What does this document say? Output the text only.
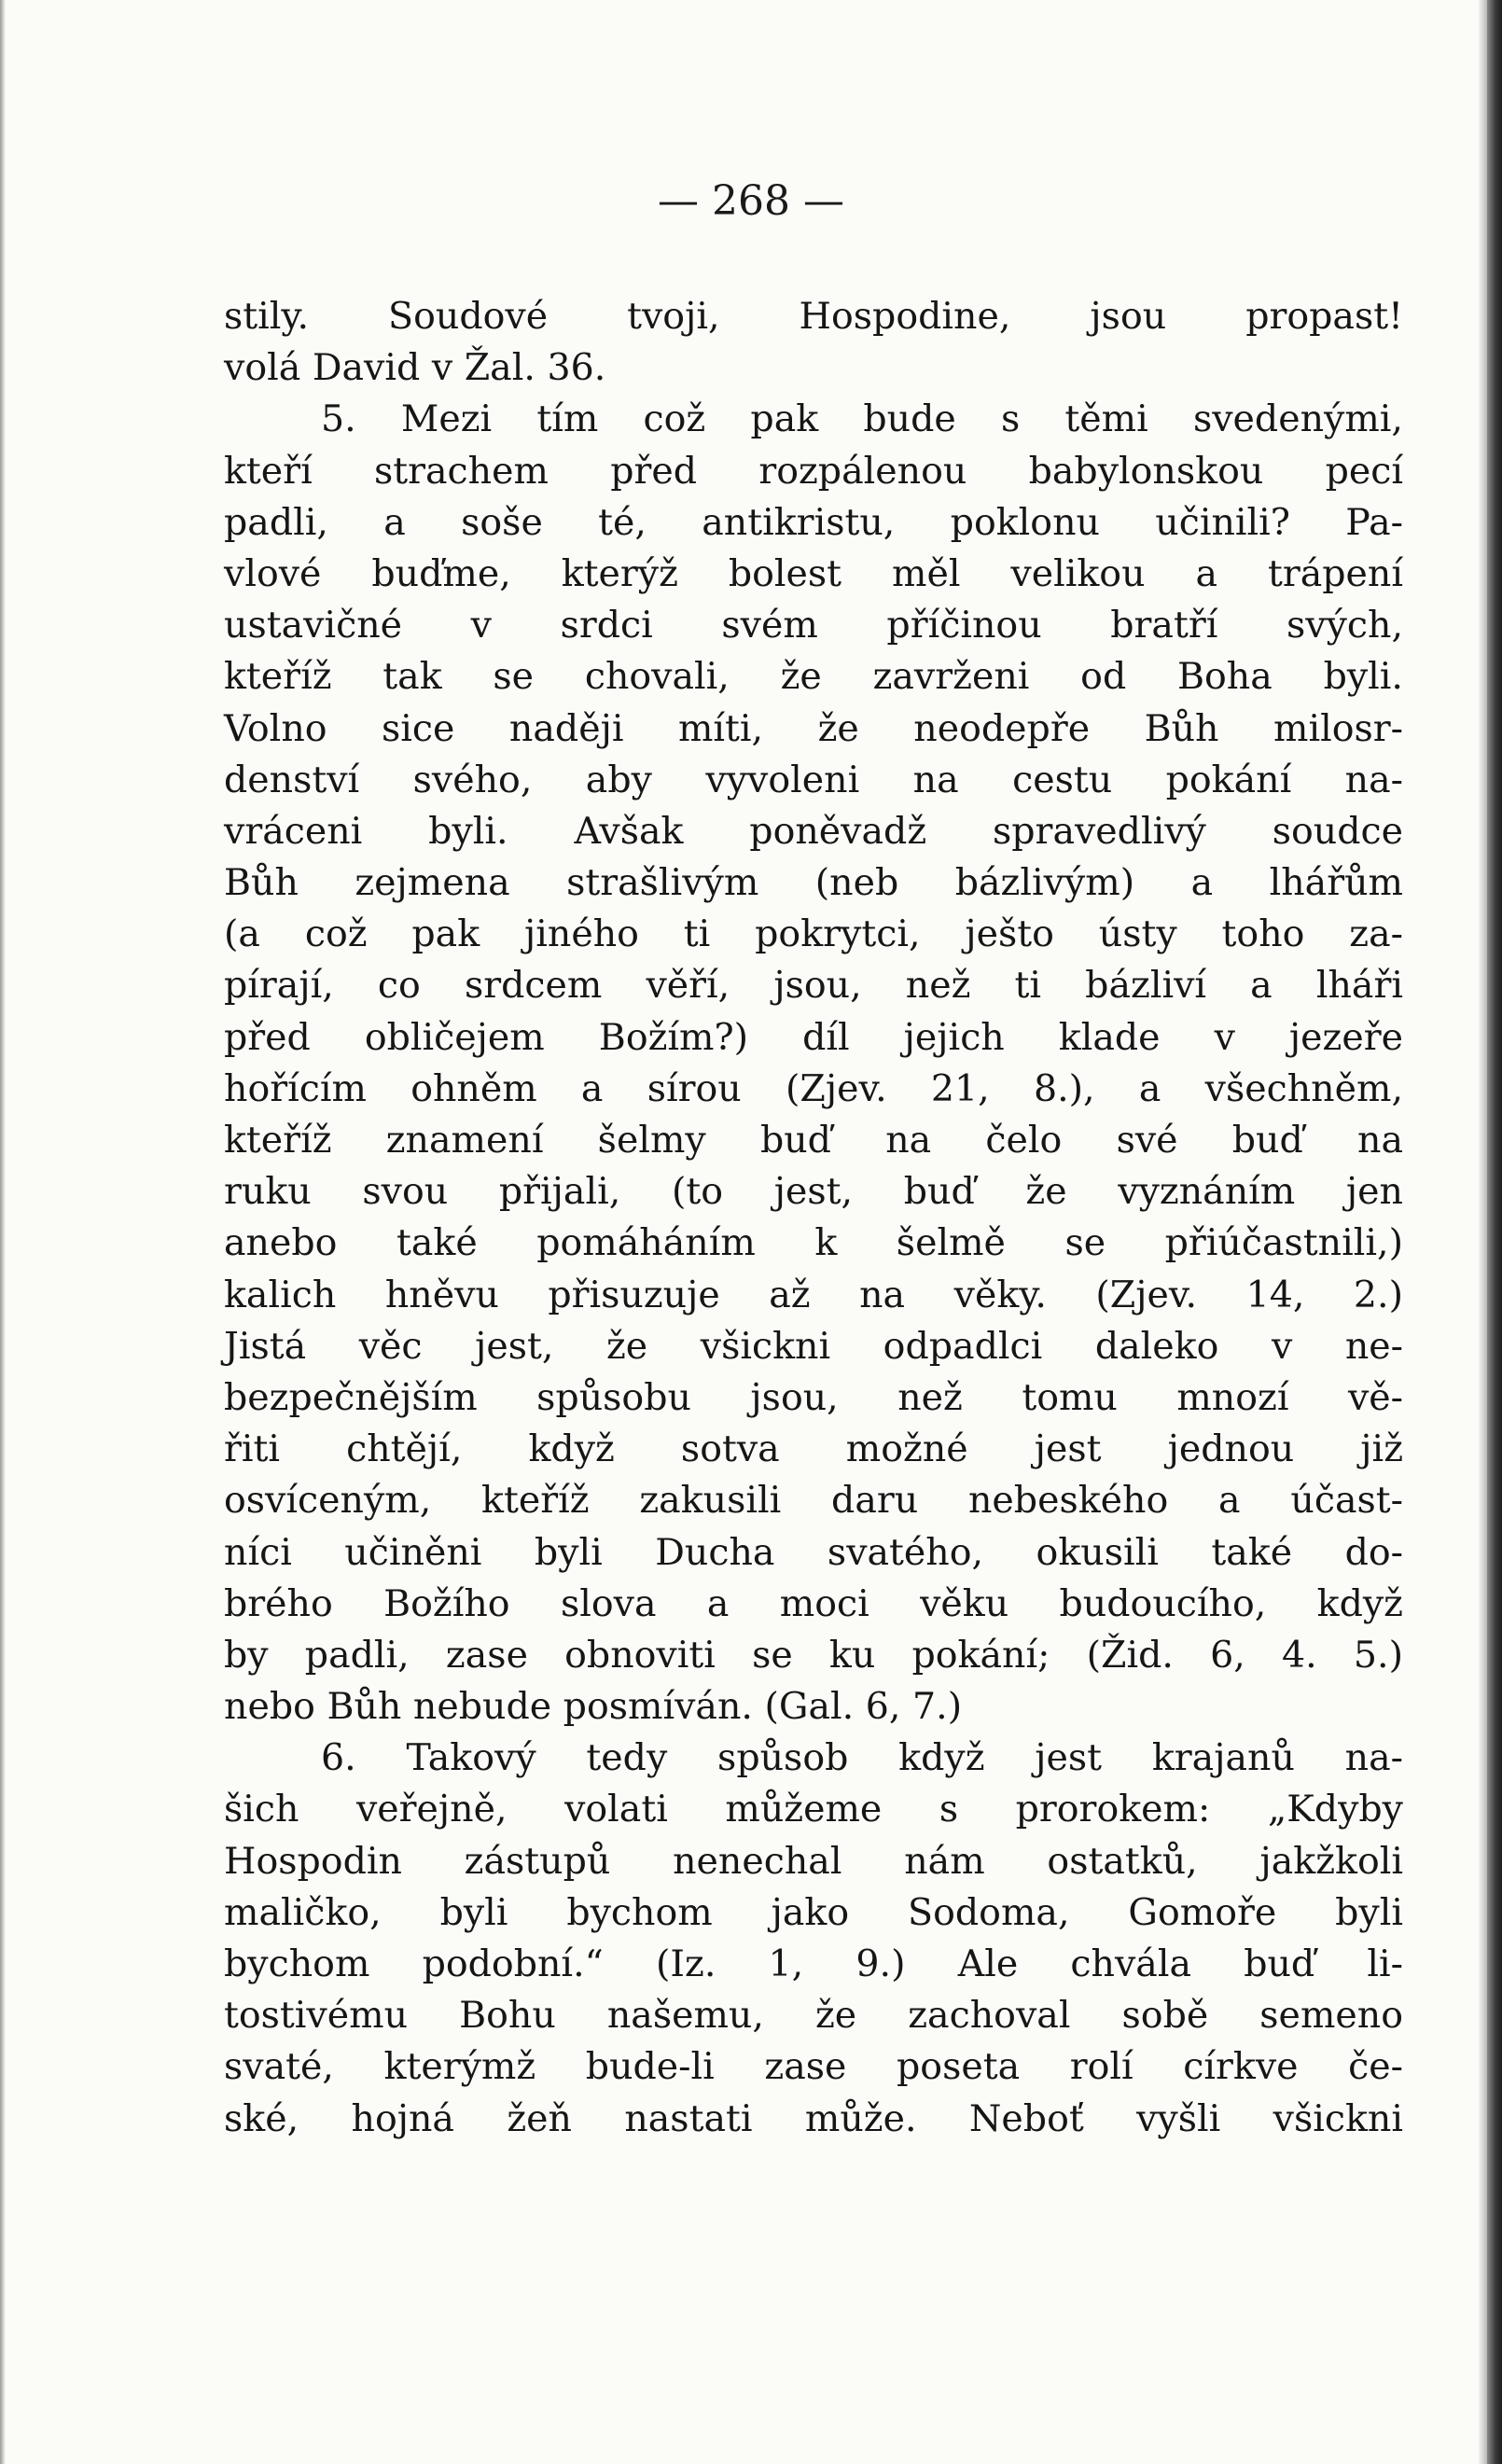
— 268 —

stily. Soudové tvoji, Hospodine, jsou propast!
volá David v Žal. 36.
5. Mezi tím což pak bude s těmi svedenými,
kteří strachem před rozpálenou babylonskou pecí
padli, a soše té, antikristu, poklonu učinili? Pa-
vlové buďme, kterýž bolest měl velikou a trápení
ustavičné v srdci svém příčinou bratří svých,
kteříž tak se chovali, že zavrženi od Boha byli.
Volno sice naději míti, že neodepře Bůh milosr-
denství svého, aby vyvoleni na cestu pokání na-
vráceni byli. Avšak poněvadž spravedlivý soudce
Bůh zejmena strašlivým (neb bázlivým) a lhářům
(a což pak jiného ti pokrytci, ješto ústy toho za-
pírají, co srdcem věří, jsou, než ti bázliví a lháři
před obličejem Božím?) díl jejich klade v jezeře
hořícím ohněm a sírou (Zjev. 21, 8.), a všechněm,
kteříž znamení šelmy buď na čelo své buď na
ruku svou přijali, (to jest, buď že vyznáním jen
anebo také pomáháním k šelmě se přiúčastnili,)
kalich hněvu přisuzuje až na věky. (Zjev. 14, 2.)
Jistá věc jest, že všickni odpadlci daleko v ne-
bezpečnějším spůsobu jsou, než tomu mnozí vě-
řiti chtějí, když sotva možné jest jednou již
osvíceným, kteříž zakusili daru nebeského a účast-
níci učiněni byli Ducha svatého, okusili také do-
brého Božího slova a moci věku budoucího, když
by padli, zase obnoviti se ku pokání; (Žid. 6, 4. 5.)
nebo Bůh nebude posmíván. (Gal. 6, 7.)
6. Takový tedy spůsob když jest krajanů na-
šich veřejně, volati můžeme s prorokem: „Kdyby
Hospodin zástupů nenechal nám ostatků, jakžkoli
maličko, byli bychom jako Sodoma, Gomoře byli
bychom podobní.“ (Iz. 1, 9.) Ale chvála buď li-
tostivému Bohu našemu, že zachoval sobě semeno
svaté, kterýmž bude-li zase poseta rolí církve če-
ské, hojná žeň nastati může. Neboť vyšli všickni
